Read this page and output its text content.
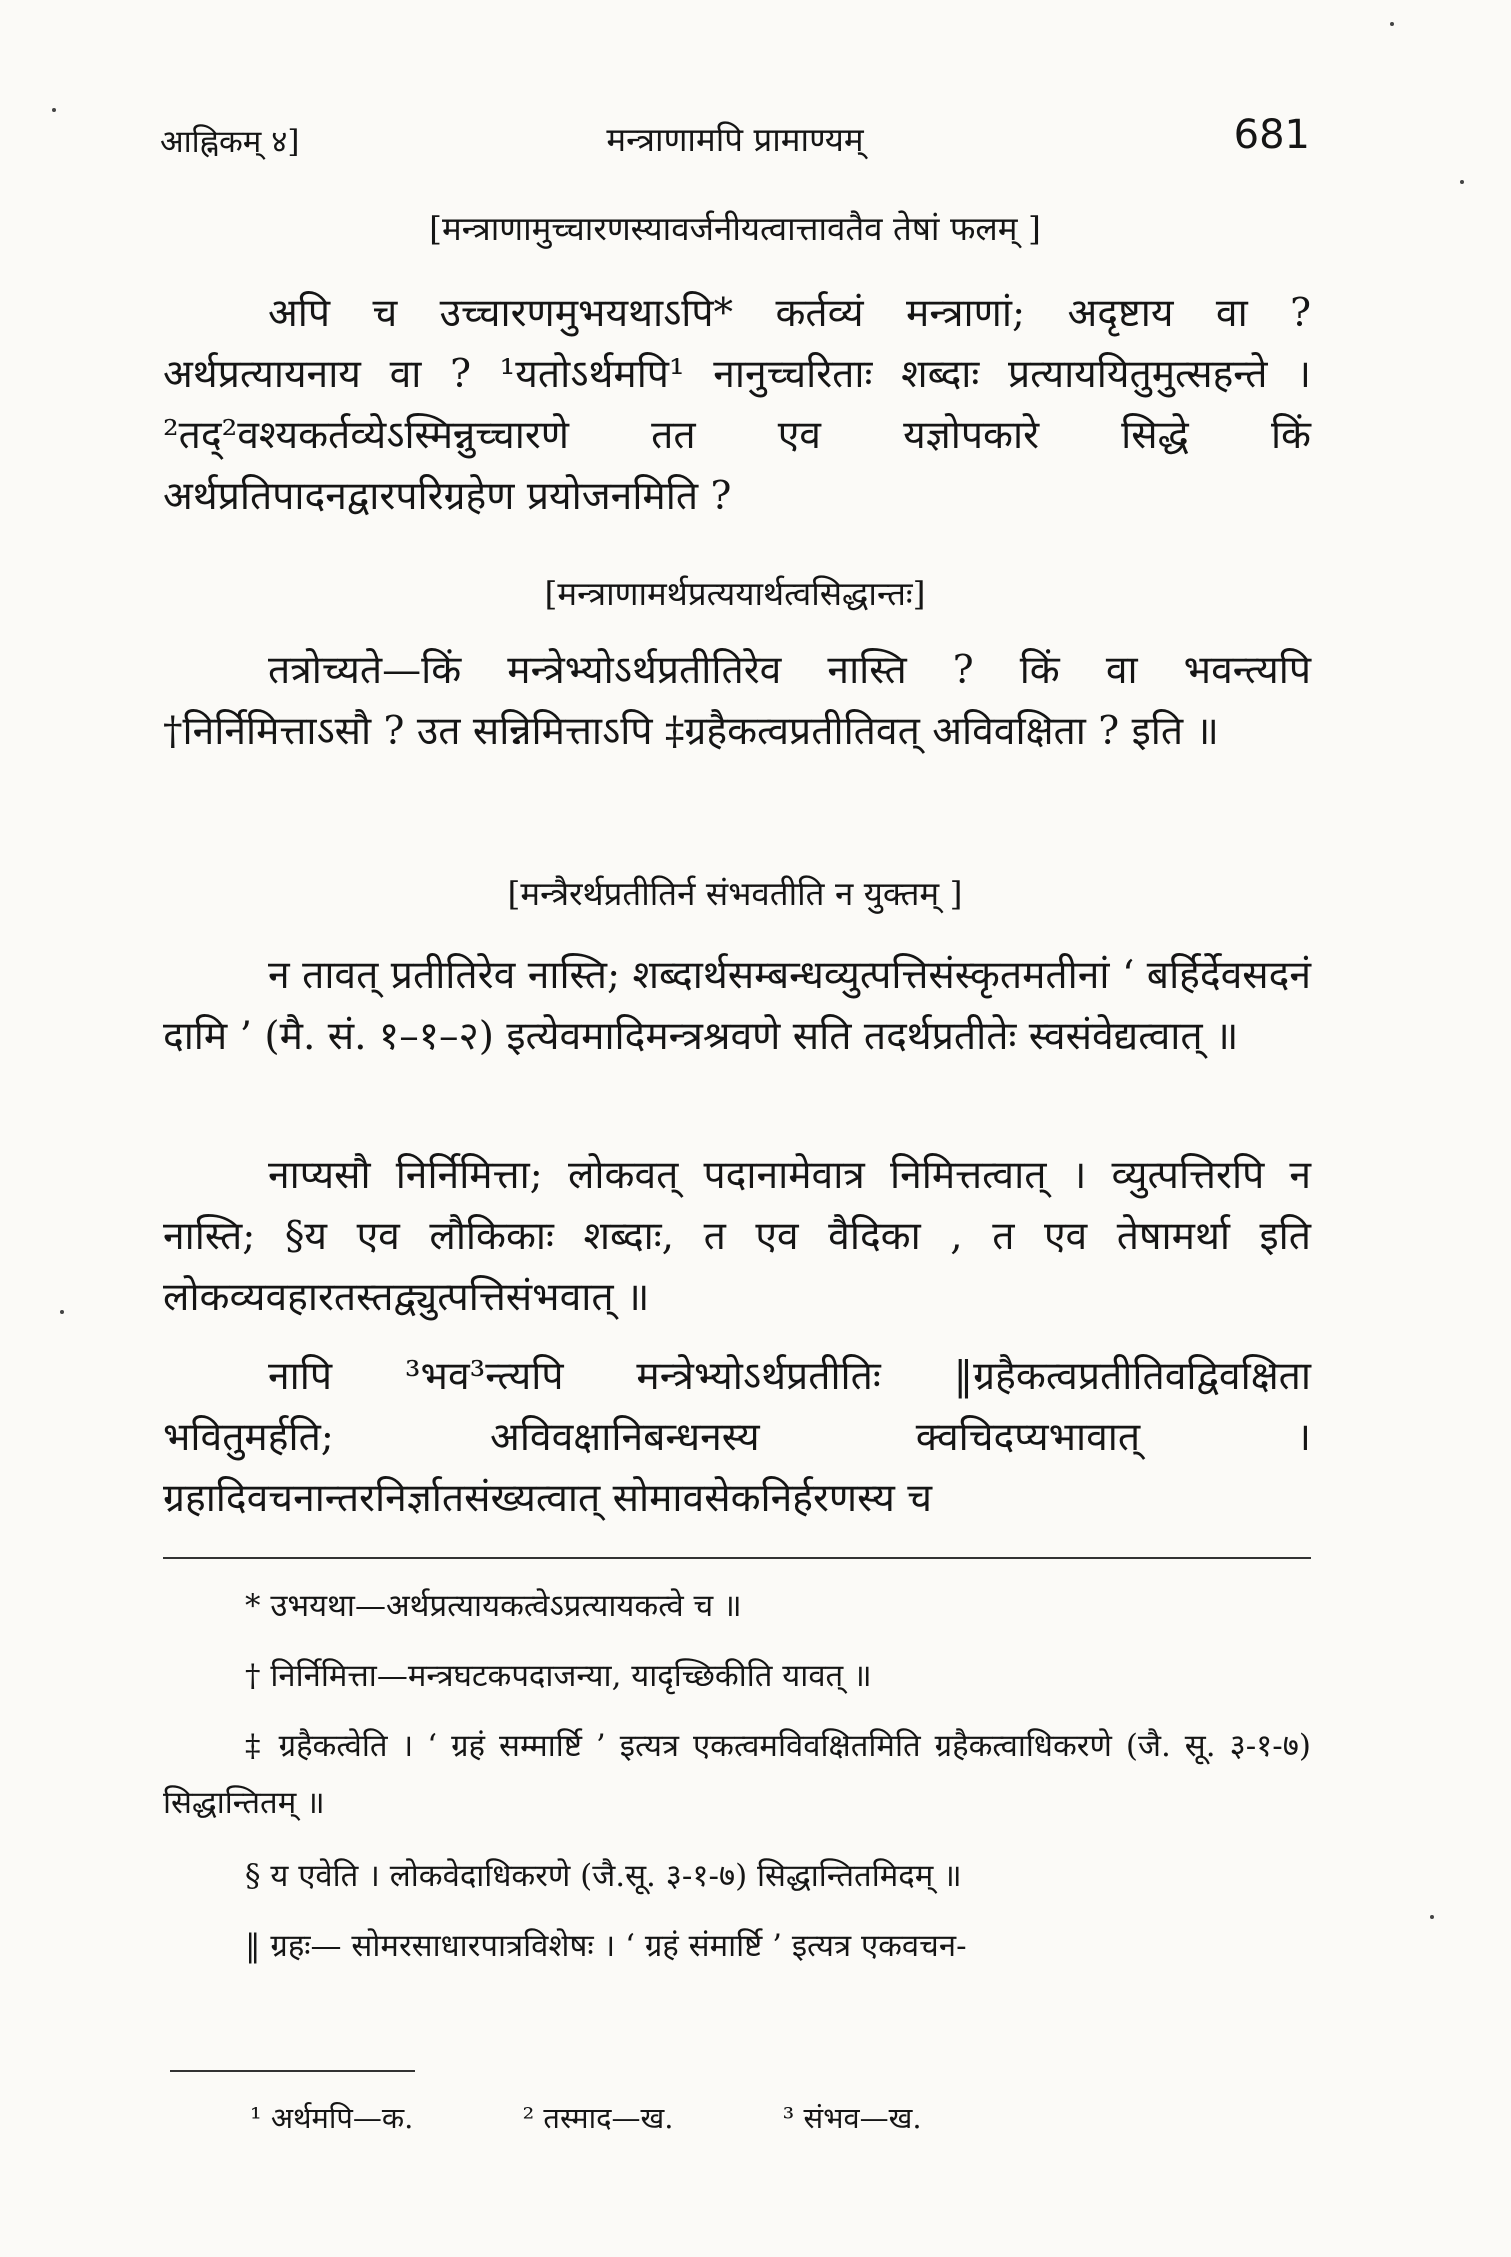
आह्निकम् ४]	मन्त्राणामपि प्रामाण्यम्	681
[मन्त्राणामुच्चारणस्यावर्जनीयत्वात्तावतैव तेषां फलम् ]
अपि च उच्चारणमुभयथाऽपि* कर्तव्यं मन्त्राणां; अदृष्टाय वा ? अर्थप्रत्यायनाय वा ? ¹यतोऽर्थमपि¹ नानुच्चरिताः शब्दाः प्रत्याययितुमुत्सहन्ते । ²तद्²वश्यकर्तव्येऽस्मिन्नुच्चारणे तत एव यज्ञोपकारे सिद्धे किं अर्थप्रतिपादनद्वारपरिग्रहेण प्रयोजनमिति ?
[मन्त्राणामर्थप्रत्ययार्थत्वसिद्धान्तः]
तत्रोच्यते—किं मन्त्रेभ्योऽर्थप्रतीतिरेव नास्ति ? किं वा भवन्त्यपि †निर्निमित्ताऽसौ ? उत सन्निमित्ताऽपि ‡ग्रहैकत्वप्रतीतिवत् अविवक्षिता ? इति ॥
[मन्त्रैरर्थप्रतीतिर्न संभवतीति न युक्तम् ]
न तावत् प्रतीतिरेव नास्ति; शब्दार्थसम्बन्धव्युत्पत्तिसंस्कृतमतीनां ‘ बर्हिर्देवसदनं दामि ’ (मै. सं. १–१–२) इत्येवमादिमन्त्रश्रवणे सति तदर्थप्रतीतेः स्वसंवेद्यत्वात् ॥
नाप्यसौ निर्निमित्ता; लोकवत् पदानामेवात्र निमित्तत्वात् । व्युत्पत्तिरपि न नास्ति; §य एव लौकिकाः शब्दाः, त एव वैदिका , त एव तेषामर्था इति लोकव्यवहारतस्तद्व्युत्पत्तिसंभवात् ॥
नापि ³भव³न्त्यपि मन्त्रेभ्योऽर्थप्रतीतिः ‖ग्रहैकत्वप्रतीतिवद्विवक्षिता भवितुमर्हति; अविवक्षानिबन्धनस्य क्वचिदप्यभावात् । ग्रहादिवचनान्तरनिर्ज्ञातसंख्यत्वात् सोमावसेकनिर्हरणस्य च
* उभयथा—अर्थप्रत्यायकत्वेऽप्रत्यायकत्वे च ॥
† निर्निमित्ता—मन्त्रघटकपदाजन्या, यादृच्छिकीति यावत् ॥
‡ ग्रहैकत्वेति । ‘ ग्रहं सम्मार्ष्टि ’ इत्यत्र एकत्वमविवक्षितमिति ग्रहैकत्वाधिकरणे (जै. सू. ३-१-७) सिद्धान्तितम् ॥
§ य एवेति । लोकवेदाधिकरणे (जै.सू. ३-१-७) सिद्धान्तितमिदम् ॥
‖ ग्रहः— सोमरसाधारपात्रविशेषः । ‘ ग्रहं संमार्ष्टि ’ इत्यत्र एकवचन-
¹ अर्थमपि—क.	² तस्माद—ख.	³ संभव—ख.
